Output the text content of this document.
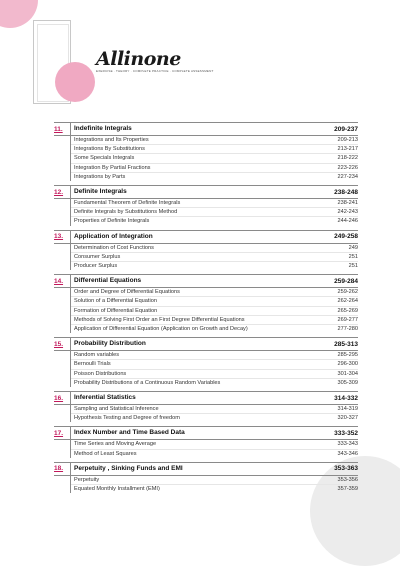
Allinone
EXERCISE · THEORY · COMPLETE PRACTICE · COMPLETE ASSESSMENT
11.	Indefinite Integrals	209-237
Integrations and Its Properties	209-213
Integrations By Substitutions	213-217
Some Specials Integrals	218-222
Integration By Partial Fractions	223-226
Integrations by Parts	227-234
12.	Definite Integrals	238-248
Fundamental Theorem of Definite Integrals	238-241
Definite Integrals by Substitutions Method	242-243
Properties of Definite Integrals	244-246
13.	Application of Integration	249-258
Determination of Cost Functions	249
Consumer Surplus	251
Producer Surplus	251
14.	Differential Equations	259-284
Order and Degree of Differential Equations	259-262
Solution of a Differential Equation	262-264
Formation of Differential Equation	265-269
Methods of Solving First Order an First Degree Differential Equations	269-277
Application of Differential Equation (Application on Growth and Decay)	277-280
15.	Probability Distribution	285-313
Random variables	285-295
Bernoulli Trials	296-300
Poisson Distributions	301-304
Probability Distributions of a Continuous Random Variables	305-309
16.	Inferential Statistics	314-332
Sampling and Statistical Inference	314-319
Hypothesis Testing and Degree of freedom	320-327
17.	Index Number and Time Based Data	333-352
Time Series and Moving Average	333-343
Method of Least Squares	343-346
18.	Perpetuity , Sinking Funds and EMI	353-363
Perpetuity	353-356
Equated Monthly Installment (EMI)	357-359
